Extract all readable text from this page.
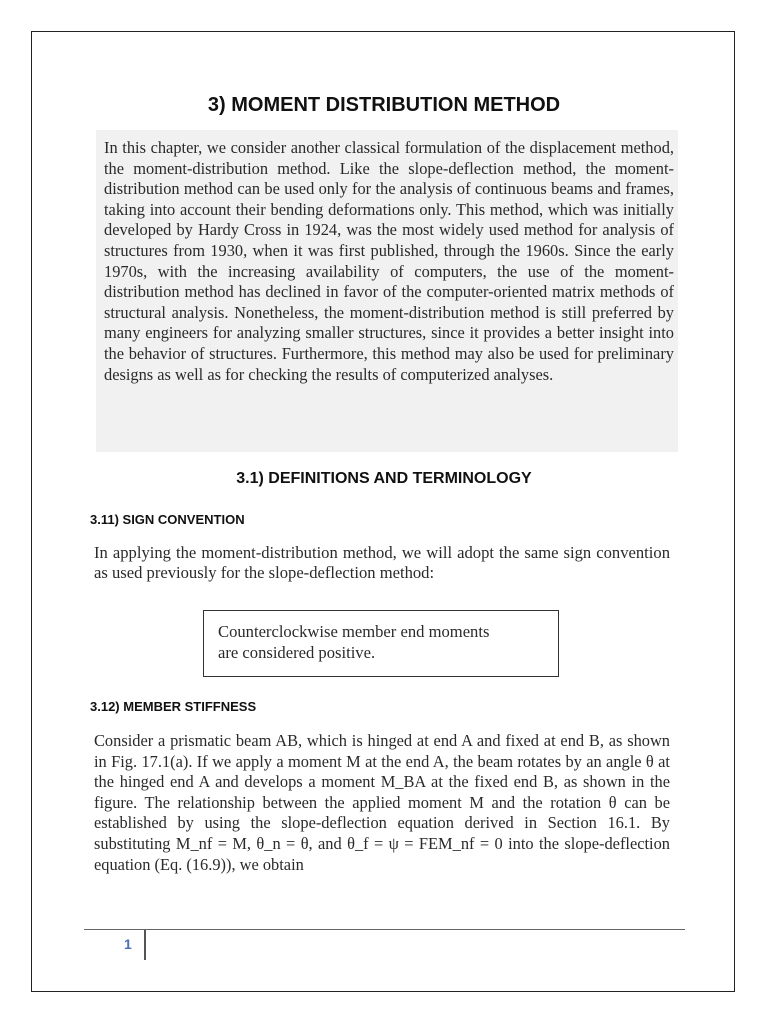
3) MOMENT DISTRIBUTION METHOD

In this chapter, we consider another classical formulation of the displacement method, the moment-distribution method. Like the slope-deflection method, the moment-distribution method can be used only for the analysis of continuous beams and frames, taking into account their bending deformations only. This method, which was initially developed by Hardy Cross in 1924, was the most widely used method for analysis of structures from 1930, when it was first published, through the 1960s. Since the early 1970s, with the increasing availability of computers, the use of the moment-distribution method has declined in favor of the computer-oriented matrix methods of structural analysis. Nonetheless, the moment-distribution method is still preferred by many engineers for analyzing smaller structures, since it provides a better insight into the behavior of structures. Furthermore, this method may also be used for preliminary designs as well as for checking the results of computerized analyses.

3.1) DEFINITIONS AND TERMINOLOGY
3.11) SIGN CONVENTION

In applying the moment-distribution method, we will adopt the same sign convention as used previously for the slope-deflection method:

Counterclockwise member end moments
are considered positive.
3.12) MEMBER STIFFNESS

Consider a prismatic beam AB, which is hinged at end A and fixed at end B, as shown in Fig. 17.1(a). If we apply a moment M at the end A, the beam rotates by an angle θ at the hinged end A and develops a moment M_BA at the fixed end B, as shown in the figure. The relationship between the applied moment M and the rotation θ can be established by using the slope-deflection equation derived in Section 16.1. By substituting M_nf = M, θ_n = θ, and θ_f = ψ = FEM_nf = 0 into the slope-deflection equation (Eq. (16.9)), we obtain

1
